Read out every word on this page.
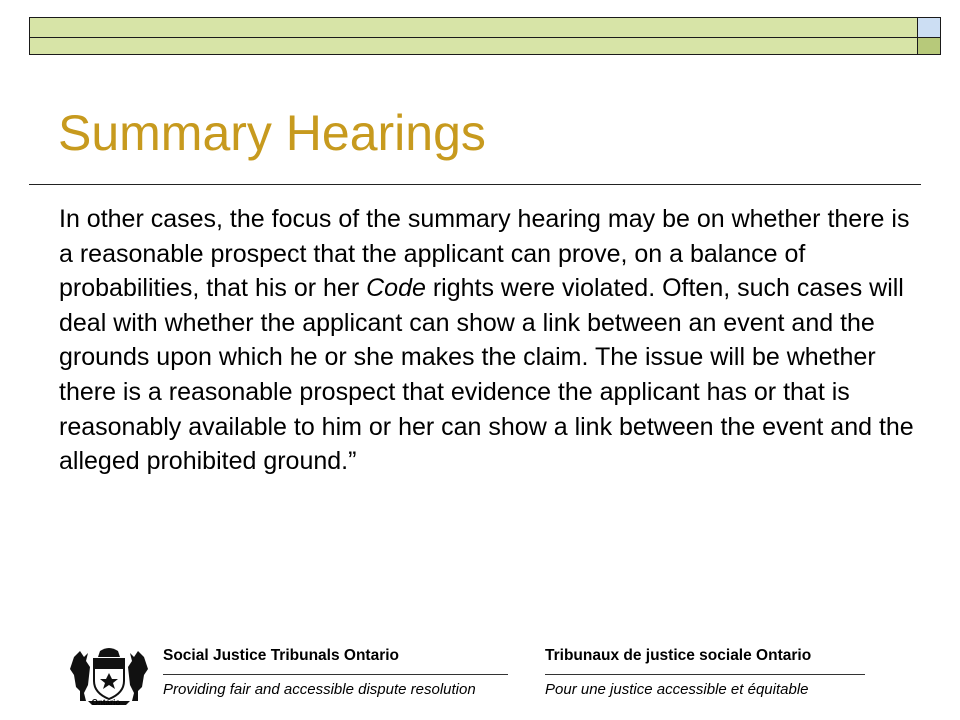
Summary Hearings

In other cases, the focus of the summary hearing may be on whether there is a reasonable prospect that the applicant can prove, on a balance of probabilities, that his or her Code rights were violated. Often, such cases will deal with whether the applicant can show a link between an event and the grounds upon which he or she makes the claim. The issue will be whether there is a reasonable prospect that evidence the applicant has or that is reasonably available to him or her can show a link between the event and the alleged prohibited ground.”

Ontario
Social Justice Tribunals Ontario
Providing fair and accessible dispute resolution
Tribunaux de justice sociale Ontario
Pour une justice accessible et équitable
